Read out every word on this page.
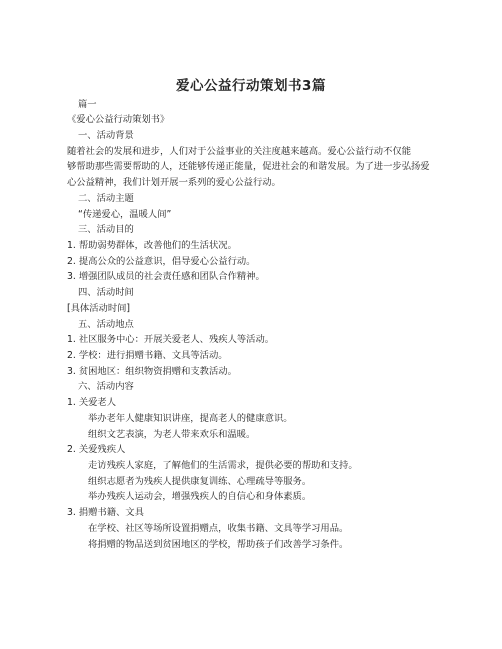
爱心公益行动策划书3篇
篇一
《爱心公益行动策划书》
一、活动背景
随着社会的发展和进步，人们对于公益事业的关注度越来越高。爱心公益行动不仅能
够帮助那些需要帮助的人，还能够传递正能量，促进社会的和谐发展。为了进一步弘扬爱
心公益精神，我们计划开展一系列的爱心公益行动。
二、活动主题
“传递爱心，温暖人间”
三、活动目的
1. 帮助弱势群体，改善他们的生活状况。
2. 提高公众的公益意识，倡导爱心公益行动。
3. 增强团队成员的社会责任感和团队合作精神。
四、活动时间
[具体活动时间]
五、活动地点
1. 社区服务中心：开展关爱老人、残疾人等活动。
2. 学校：进行捐赠书籍、文具等活动。
3. 贫困地区：组织物资捐赠和支教活动。
六、活动内容
1. 关爱老人
举办老年人健康知识讲座，提高老人的健康意识。
组织文艺表演，为老人带来欢乐和温暖。
2. 关爱残疾人
走访残疾人家庭，了解他们的生活需求，提供必要的帮助和支持。
组织志愿者为残疾人提供康复训练、心理疏导等服务。
举办残疾人运动会，增强残疾人的自信心和身体素质。
3. 捐赠书籍、文具
在学校、社区等场所设置捐赠点，收集书籍、文具等学习用品。
将捐赠的物品送到贫困地区的学校，帮助孩子们改善学习条件。
